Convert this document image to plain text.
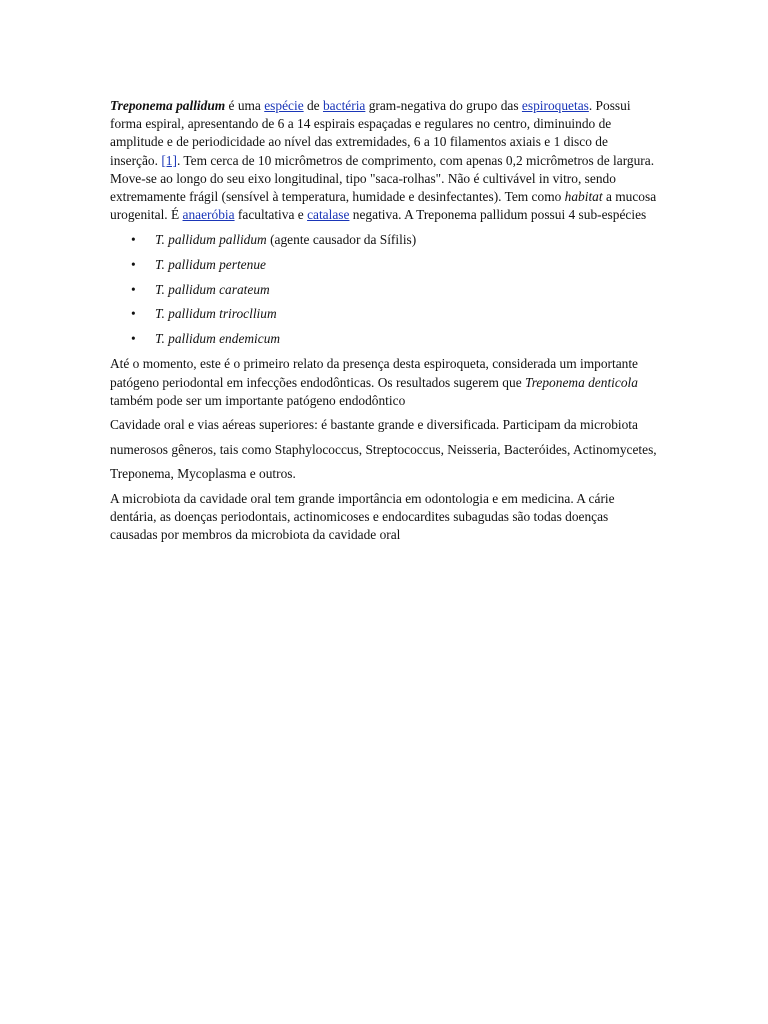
Treponema pallidum é uma espécie de bactéria gram-negativa do grupo das espiroquetas. Possui forma espiral, apresentando de 6 a 14 espirais espaçadas e regulares no centro, diminuindo de amplitude e de periodicidade ao nível das extremidades, 6 a 10 filamentos axiais e 1 disco de inserção. [1]. Tem cerca de 10 micrômetros de comprimento, com apenas 0,2 micrômetros de largura. Move-se ao longo do seu eixo longitudinal, tipo "saca-rolhas". Não é cultivável in vitro, sendo extremamente frágil (sensível à temperatura, humidade e desinfectantes). Tem como habitat a mucosa urogenital. É anaeróbia facultativa e catalase negativa. A Treponema pallidum possui 4 sub-espécies

• T. pallidum pallidum (agente causador da Sífilis)
• T. pallidum pertenue
• T. pallidum carateum
• T. pallidum trirocllium
• T. pallidum endemicum

Até o momento, este é o primeiro relato da presença desta espiroqueta, considerada um importante patógeno periodontal em infecções endodônticas. Os resultados sugerem que Treponema denticola também pode ser um importante patógeno endodôntico

Cavidade oral e vias aéreas superiores: é bastante grande e diversificada. Participam da microbiota numerosos gêneros, tais como Staphylococcus, Streptococcus, Neisseria, Bacteróides, Actinomycetes, Treponema, Mycoplasma e outros.

A microbiota da cavidade oral tem grande importância em odontologia e em medicina. A cárie dentária, as doenças periodontais, actinomicoses e endocardites subagudas são todas doenças causadas por membros da microbiota da cavidade oral
